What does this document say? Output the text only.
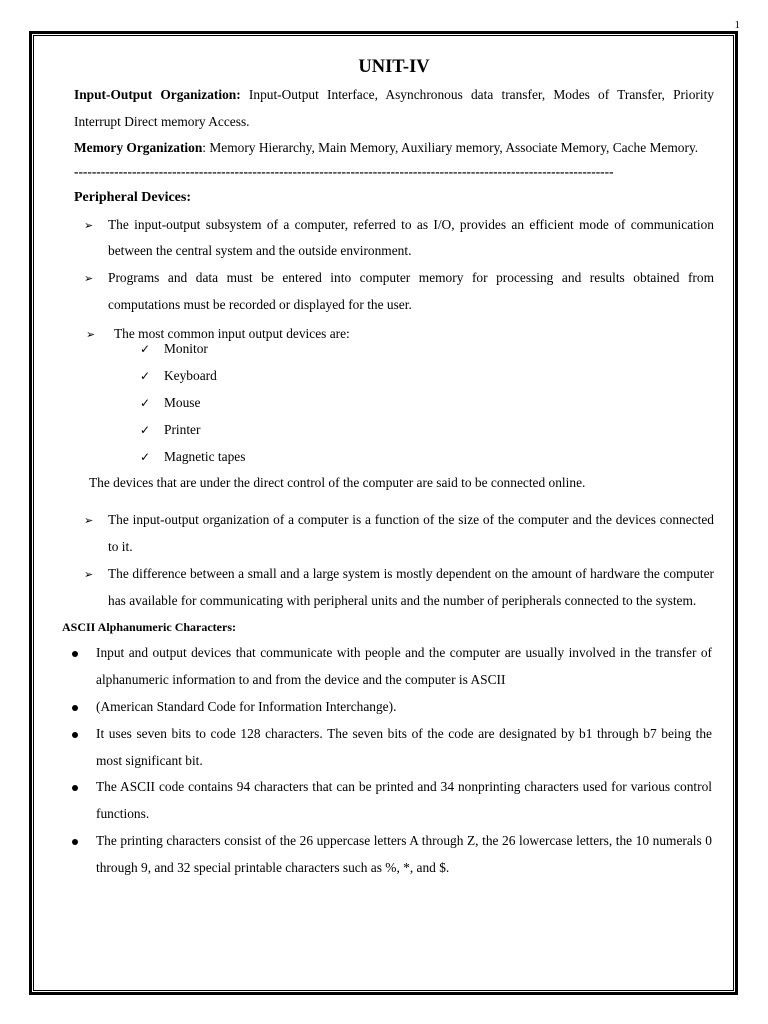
1
UNIT-IV

Input-Output Organization: Input-Output Interface, Asynchronous data transfer, Modes of Transfer, Priority Interrupt Direct memory Access.

Memory Organization: Memory Hierarchy, Main Memory, Auxiliary memory, Associate Memory, Cache Memory.

-------------------------------------------------------------------------------------------------------------------------
Peripheral Devices:
➢
The input-output subsystem of a computer, referred to as I/O, provides an efficient mode of communication between the central system and the outside environment.
➢
Programs and data must be entered into computer memory for processing and results obtained from computations must be recorded or displayed for the user.
➢
The most common input output devices are:
✓ Monitor
✓ Keyboard
✓ Mouse
✓ Printer
✓ Magnetic tapes

The devices that are under the direct control of the computer are said to be connected online.

➢
The input-output organization of a computer is a function of the size of the computer and the devices connected to it.
➢
The difference between a small and a large system is mostly dependent on the amount of hardware the computer has available for communicating with peripheral units and the number of peripherals connected to the system.
ASCII Alphanumeric Characters:
Input and output devices that communicate with people and the computer are usually involved in the transfer of alphanumeric information to and from the device and the computer is ASCII
(American Standard Code for Information Interchange).
It uses seven bits to code 128 characters. The seven bits of the code are designated by b1 through b7 being the most significant bit.
The ASCII code contains 94 characters that can be printed and 34 nonprinting characters used for various control functions.
The printing characters consist of the 26 uppercase letters A through Z, the 26 lowercase letters, the 10 numerals 0 through 9, and 32 special printable characters such as %, *, and $.
